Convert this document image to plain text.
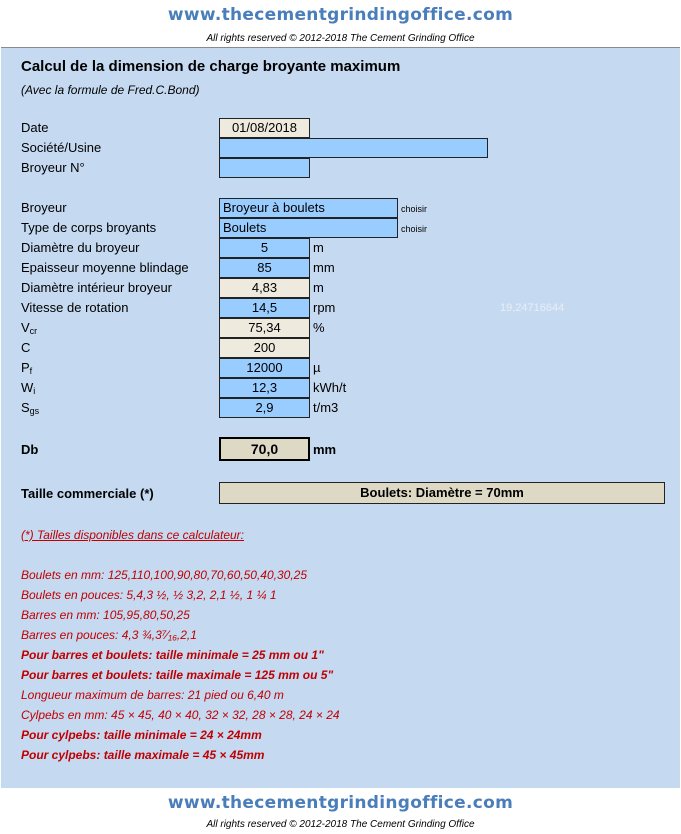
www.thecementgrindingoffice.com
All rights reserved © 2012-2018 The Cement Grinding Office
Calcul de la dimension de charge broyante maximum
(Avec la formule de Fred.C.Bond)
Date	01/08/2018
Société/Usine
Broyeur N°
Broyeur	Broyeur à boulets	choisir
Type de corps broyants	Boulets	choisir
Diamètre du broyeur	5	m
Epaisseur moyenne blindage	85	mm
Diamètre intérieur broyeur	4,83	m
Vitesse de rotation	14,5	rpm	19,24716644
$V_{cr}$	75,34	%
C	200
$P_f$	12000	µ
$W_i$	12,3	kWh/t
$S_{gs}$	2,9	t/m3
Db	70,0	mm
Taille commerciale (*)	Boulets: Diamètre = 70mm
(*) Tailles disponibles dans ce calculateur:
Boulets en mm: 125,110,100,90,80,70,60,50,40,30,25
Boulets en pouces: 5,4,3 ½, ½ 3,2, 2,1 ½, 1 ¼ 1
Barres en mm: 105,95,80,50,25
Barres en pouces: 4,3 ¾,3⁷⁄₁₆,2,1
Pour barres et boulets: taille minimale = 25 mm ou 1"
Pour barres et boulets: taille maximale = 125 mm ou 5"
Longueur maximum de barres: 21 pied ou 6,40 m
Cylpebs en mm: 45 × 45, 40 × 40, 32 × 32, 28 × 28, 24 × 24
Pour cylpebs: taille minimale = 24 × 24mm
Pour cylpebs: taille maximale = 45 × 45mm
www.thecementgrindingoffice.com
All rights reserved © 2012-2018 The Cement Grinding Office
